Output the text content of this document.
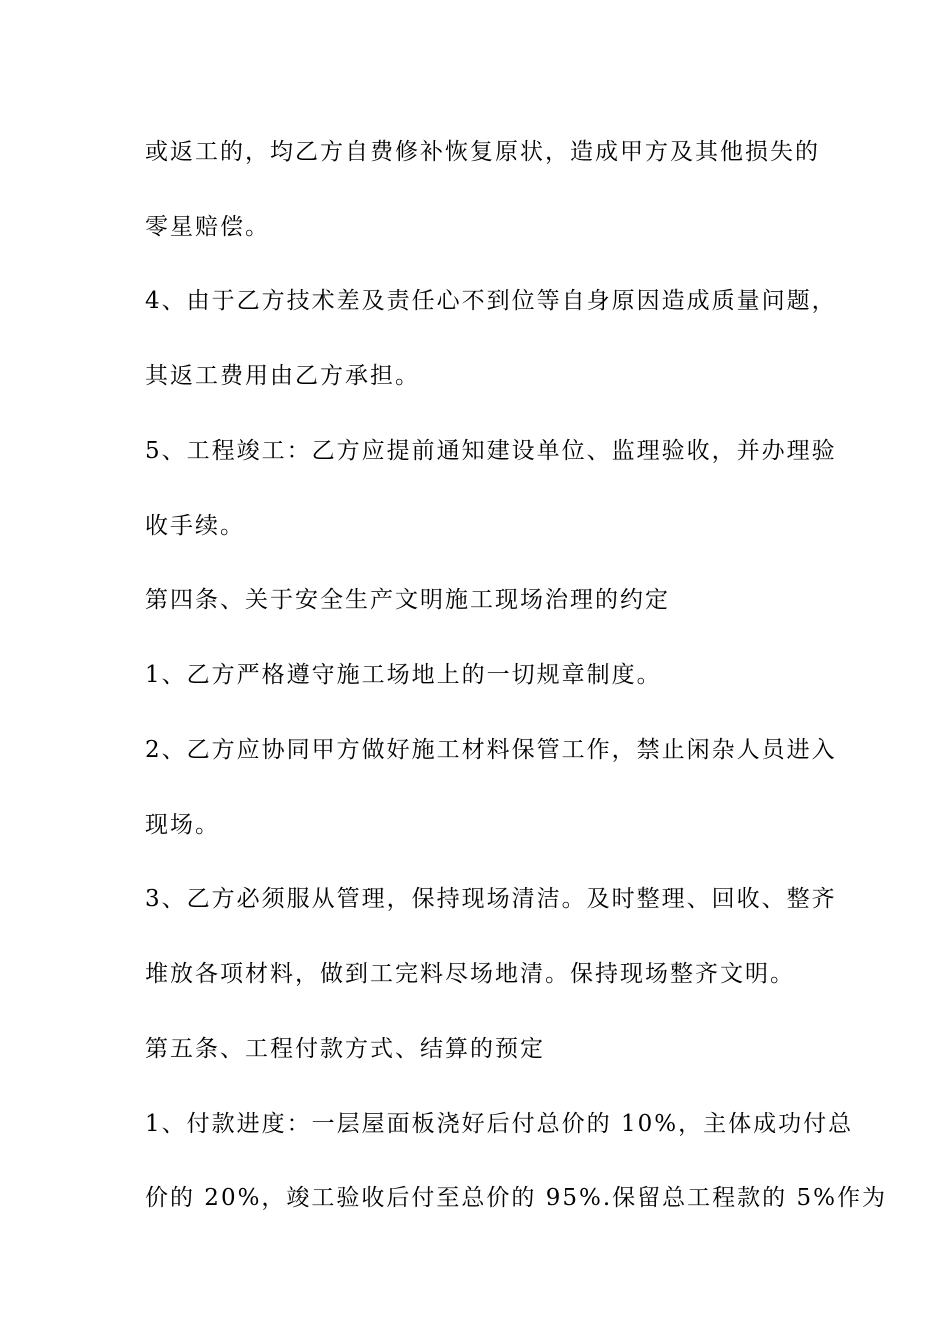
或返工的，均乙方自费修补恢复原状，造成甲方及其他损失的
零星赔偿。
4、由于乙方技术差及责任心不到位等自身原因造成质量问题，
其返工费用由乙方承担。
5、工程竣工：乙方应提前通知建设单位、监理验收，并办理验
收手续。
第四条、关于安全生产文明施工现场治理的约定
1、乙方严格遵守施工场地上的一切规章制度。
2、乙方应协同甲方做好施工材料保管工作，禁止闲杂人员进入
现场。
3、乙方必须服从管理，保持现场清洁。及时整理、回收、整齐
堆放各项材料，做到工完料尽场地清。保持现场整齐文明。
第五条、工程付款方式、结算的预定
1、付款进度：一层屋面板浇好后付总价的 10%，主体成功付总
价的 20%，竣工验收后付至总价的 95%.保留总工程款的 5%作为
